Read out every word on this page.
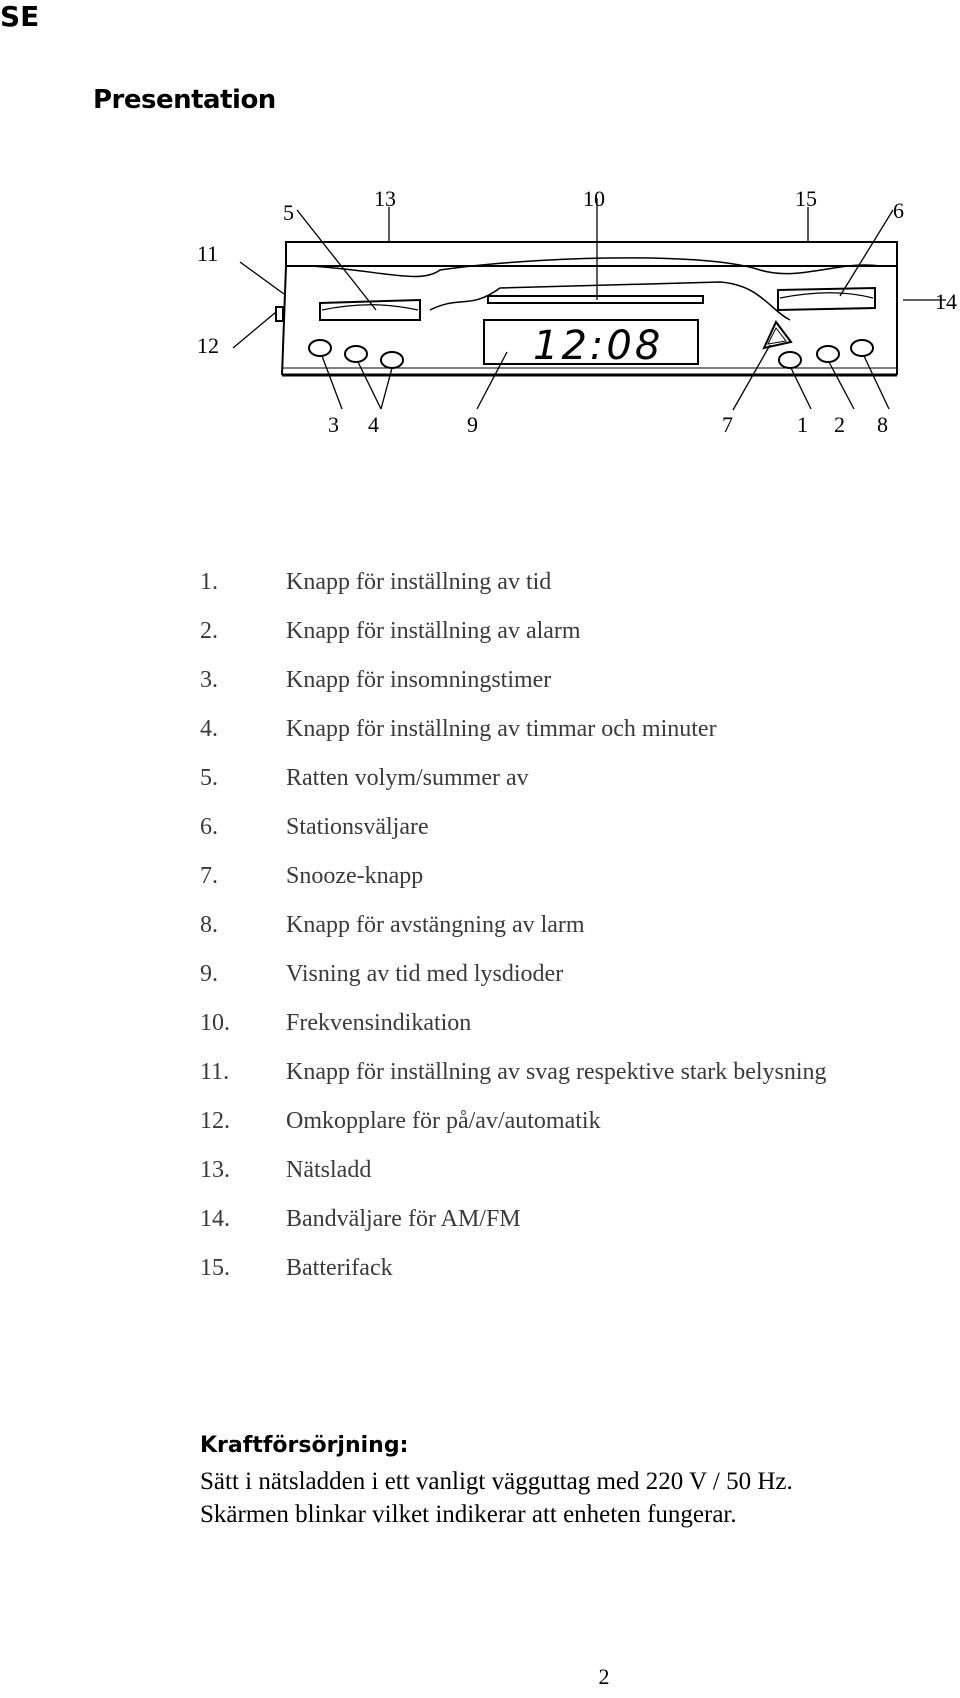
SE
Presentation
12:08
11
12
5
13	10	15	6
14
3 4	9	7	1 2 8
1.	Knapp för inställning av tid
2.	Knapp för inställning av alarm
3.	Knapp för insomningstimer
4.	Knapp för inställning av timmar och minuter
5.	Ratten volym/summer av
6.	Stationsväljare
7.	Snooze-knapp
8.	Knapp för avstängning av larm
9.	Visning av tid med lysdioder
10. Frekvensindikation
11. Knapp för inställning av svag respektive stark belysning
12. Omkopplare för på/av/automatik
13. Nätsladd
14. Bandväljare för AM/FM
15. Batterifack
Kraftförsörjning:
Sätt i nätsladden i ett vanligt vägguttag med 220 V / 50 Hz.
Skärmen blinkar vilket indikerar att enheten fungerar.
2
